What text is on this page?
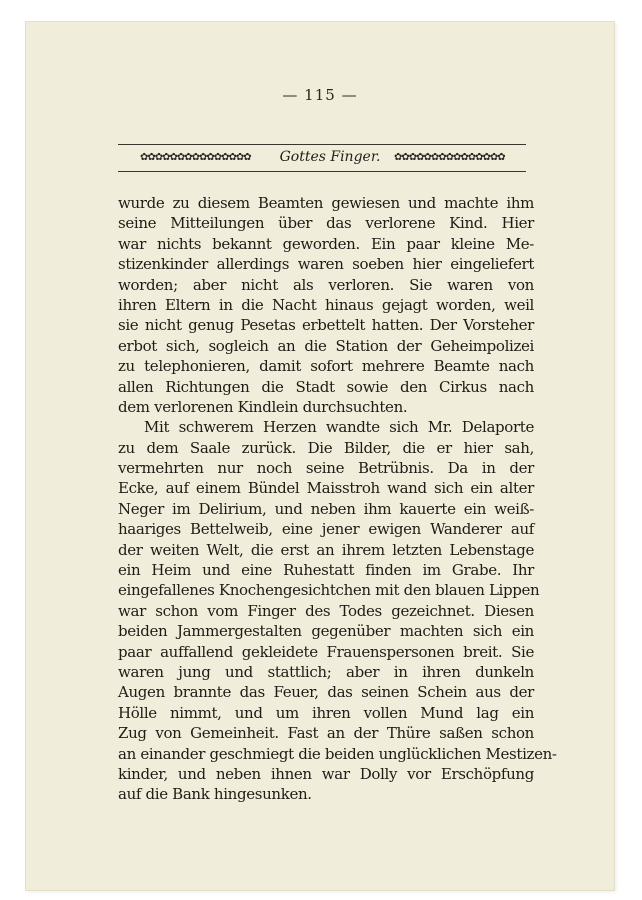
— 115 —
✿✿✿✿✿✿✿✿✿✿✿✿✿✿✿	Gottes Finger.	✿✿✿✿✿✿✿✿✿✿✿✿✿✿✿
wurde zu diesem Beamten gewiesen und machte ihm
seine Mitteilungen über das verlorene Kind. Hier
war nichts bekannt geworden. Ein paar kleine Me-
stizenkinder allerdings waren soeben hier eingeliefert
worden; aber nicht als verloren. Sie waren von
ihren Eltern in die Nacht hinaus gejagt worden, weil
sie nicht genug Pesetas erbettelt hatten. Der Vorsteher
erbot sich, sogleich an die Station der Geheimpolizei
zu telephonieren, damit sofort mehrere Beamte nach
allen Richtungen die Stadt sowie den Cirkus nach
dem verlorenen Kindlein durchsuchten.
Mit schwerem Herzen wandte sich Mr. Delaporte
zu dem Saale zurück. Die Bilder, die er hier sah,
vermehrten nur noch seine Betrübnis. Da in der
Ecke, auf einem Bündel Maisstroh wand sich ein alter
Neger im Delirium, und neben ihm kauerte ein weiß-
haariges Bettelweib, eine jener ewigen Wanderer auf
der weiten Welt, die erst an ihrem letzten Lebenstage
ein Heim und eine Ruhestatt finden im Grabe. Ihr
eingefallenes Knochengesichtchen mit den blauen Lippen
war schon vom Finger des Todes gezeichnet. Diesen
beiden Jammergestalten gegenüber machten sich ein
paar auffallend gekleidete Frauenspersonen breit. Sie
waren jung und stattlich; aber in ihren dunkeln
Augen brannte das Feuer, das seinen Schein aus der
Hölle nimmt, und um ihren vollen Mund lag ein
Zug von Gemeinheit. Fast an der Thüre saßen schon
an einander geschmiegt die beiden unglücklichen Mestizen-
kinder, und neben ihnen war Dolly vor Erschöpfung
auf die Bank hingesunken.
